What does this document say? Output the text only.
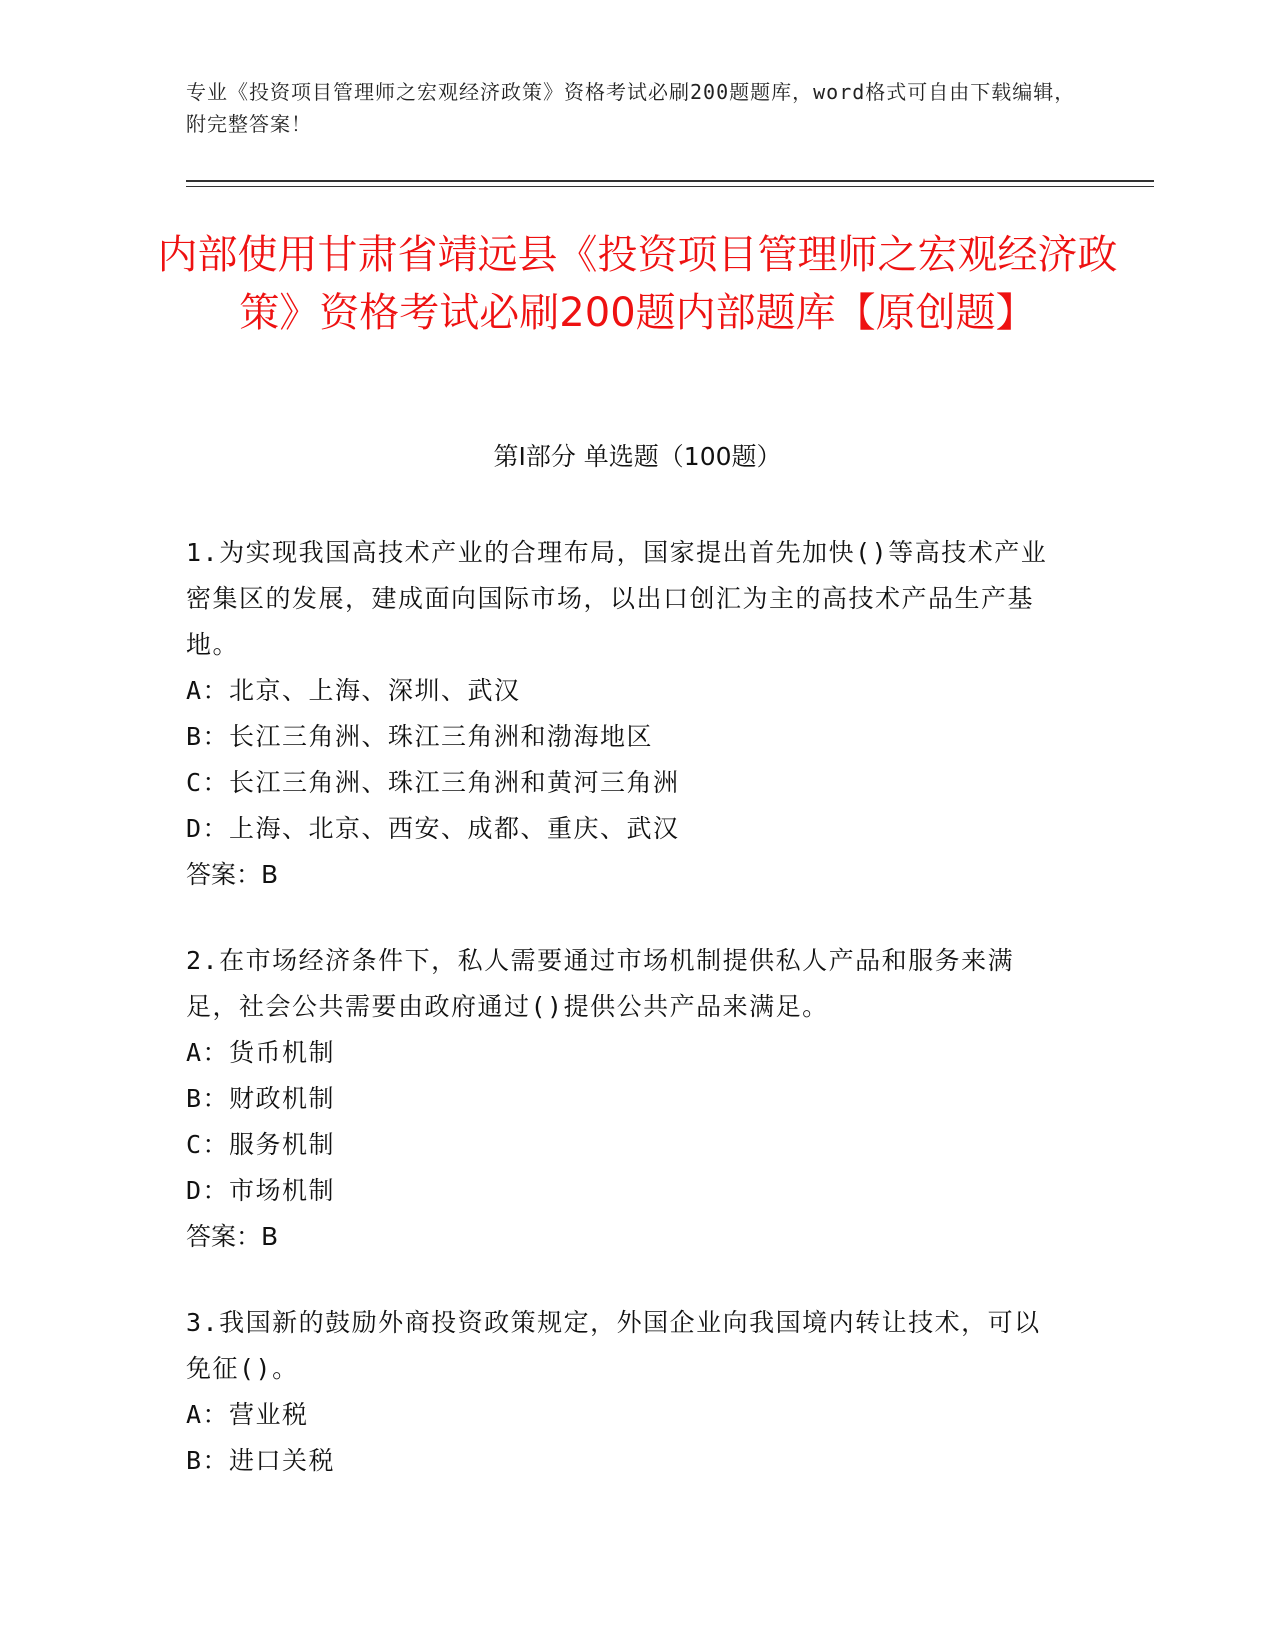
专业《投资项目管理师之宏观经济政策》资格考试必刷200题题库，word格式可自由下载编辑，附完整答案！
内部使用甘肃省靖远县《投资项目管理师之宏观经济政策》资格考试必刷200题内部题库【原创题】
第Ⅰ部分 单选题（100题）
1.为实现我国高技术产业的合理布局，国家提出首先加快()等高技术产业密集区的发展，建成面向国际市场，以出口创汇为主的高技术产品生产基地。
A：北京、上海、深圳、武汉
B：长江三角洲、珠江三角洲和渤海地区
C：长江三角洲、珠江三角洲和黄河三角洲
D：上海、北京、西安、成都、重庆、武汉
答案：B
2.在市场经济条件下，私人需要通过市场机制提供私人产品和服务来满足，社会公共需要由政府通过()提供公共产品来满足。
A：货币机制
B：财政机制
C：服务机制
D：市场机制
答案：B
3.我国新的鼓励外商投资政策规定，外国企业向我国境内转让技术，可以免征()。
A：营业税
B：进口关税
